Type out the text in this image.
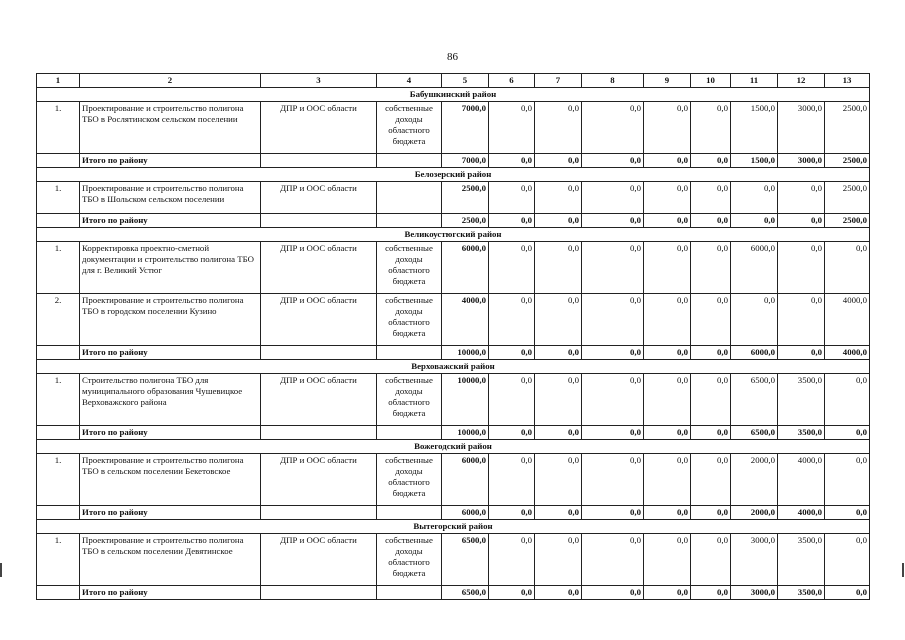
86
1	2	3	4	5	6	7	8	9	10	11	12	13
Бабушкинский район												
1.	Проектирование и строительство полигона ТБО в Рослятинском сельском поселении	ДПР и ООС области	собственные доходы областного бюджета	7000,0	0,0	0,0	0,0	0,0	0,0	1500,0	3000,0	2500,0
	Итого по району			7000,0	0,0	0,0	0,0	0,0	0,0	1500,0	3000,0	2500,0
Белозерский район												
1.	Проектирование и строительство полигона ТБО в Шольском сельском поселении	ДПР и ООС области		2500,0	0,0	0,0	0,0	0,0	0,0	0,0	0,0	2500,0
	Итого по району			2500,0	0,0	0,0	0,0	0,0	0,0	0,0	0,0	2500,0
Великоустюгский район												
1.	Корректировка проектно-сметной документации и строительство полигона ТБО для г. Великий Устюг	ДПР и ООС области	собственные доходы областного бюджета	6000,0	0,0	0,0	0,0	0,0	0,0	6000,0	0,0	0,0
2.	Проектирование и строительство полигона ТБО в городском поселении Кузино	ДПР и ООС области	собственные доходы областного бюджета	4000,0	0,0	0,0	0,0	0,0	0,0	0,0	0,0	4000,0
	Итого по району			10000,0	0,0	0,0	0,0	0,0	0,0	6000,0	0,0	4000,0
Верховажский район												
1.	Строительство полигона ТБО для муниципального образования Чушевицкое Верховажского района	ДПР и ООС области	собственные доходы областного бюджета	10000,0	0,0	0,0	0,0	0,0	0,0	6500,0	3500,0	0,0
	Итого по району			10000,0	0,0	0,0	0,0	0,0	0,0	6500,0	3500,0	0,0
Вожегодский район												
1.	Проектирование и строительство полигона ТБО в сельском поселении Бекетовское	ДПР и ООС области	собственные доходы областного бюджета	6000,0	0,0	0,0	0,0	0,0	0,0	2000,0	4000,0	0,0
	Итого по району			6000,0	0,0	0,0	0,0	0,0	0,0	2000,0	4000,0	0,0
Вытегорский район												
1.	Проектирование и строительство полигона ТБО в сельском поселении Девятинское	ДПР и ООС области	собственные доходы областного бюджета	6500,0	0,0	0,0	0,0	0,0	0,0	3000,0	3500,0	0,0
	Итого по району			6500,0	0,0	0,0	0,0	0,0	0,0	3000,0	3500,0	0,0
